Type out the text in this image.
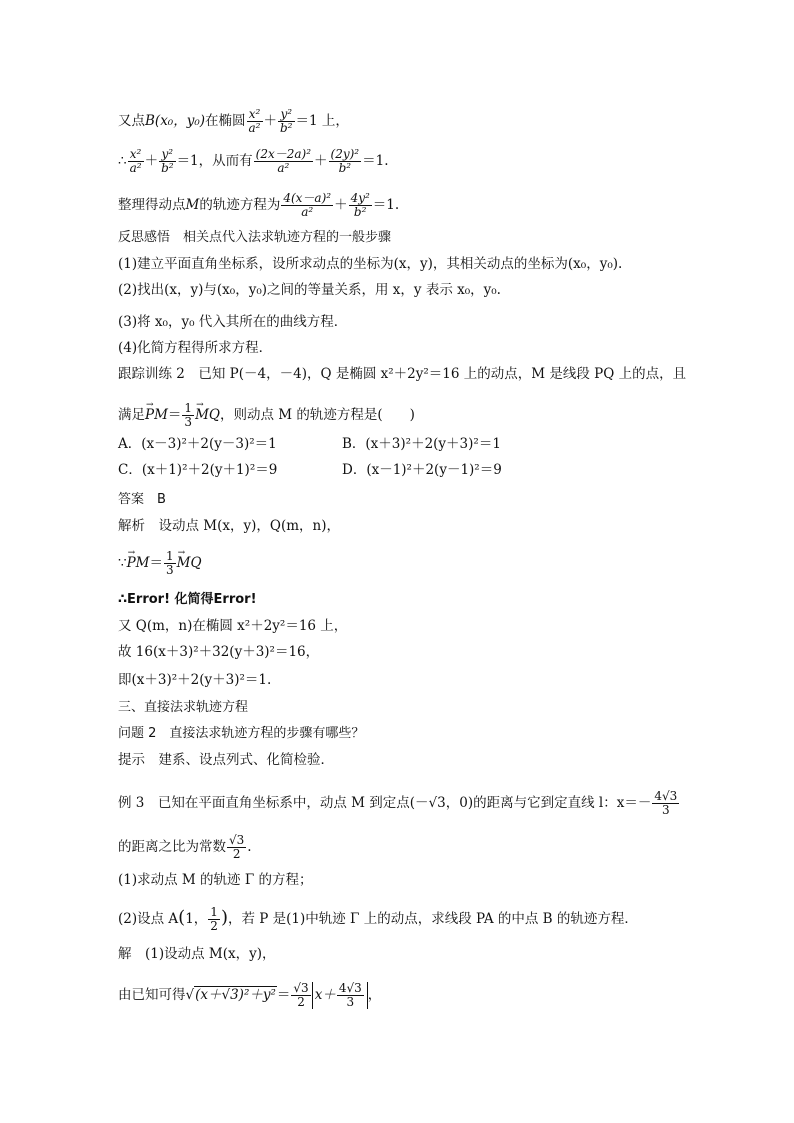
又点B(x₀，y₀)在椭圆 $\frac{\text{x²}}{\text{a²}} + \frac{\text{y²}}{\text{b²}} =1$ 上，
∴ $\frac{\text{x²}}{\text{a²}} + \frac{\text{y²}}{\text{b²}} =1$，从而有 $\frac{\text{(2x－2a)²}}{\text{a²}} + \frac{\text{(2y)²}}{\text{b²}} =1$.
整理得动点M的轨迹方程为 $\frac{\text{4(x－a)²}}{\text{a²}} + \frac{\text{4y²}}{\text{b²}} =1$.
反思感悟　相关点代入法求轨迹方程的一般步骤
(1)建立平面直角坐标系，设所求动点的坐标为(x，y)，其相关动点的坐标为(x₀，y₀).
(2)找出(x，y)与(x₀，y₀)之间的等量关系，用 x，y 表示 x₀，y₀.
(3)将 x₀，y₀ 代入其所在的曲线方程．
(4)化简方程得所求方程．
跟踪训练 2　已知 P(－4，－4)，Q 是椭圆 x²＋2y²＝16 上的动点，M 是线段 PQ 上的点，且
满足→ $PM= \frac{1}{3}$ → MQ，则动点 M 的轨迹方程是(　　)
A．(x－3)²＋2(y－3)²＝1	B．(x＋3)²＋2(y＋3)²＝1
C．(x＋1)²＋2(y＋1)²＝9	D．(x－1)²＋2(y－1)²＝9
答案　B
解析　设动点 M(x，y)，Q(m，n)，
∵→ $PM= \frac{1}{3}$ → MQ
∴Error! 化简得Error!
又 Q(m，n)在椭圆 x²＋2y²＝16 上，
故 16(x＋3)²＋32(y＋3)²＝16，
即(x＋3)²＋2(y＋3)²＝1.
三、直接法求轨迹方程
问题 2　直接法求轨迹方程的步骤有哪些？
提示　建系、设点列式、化简检验．
例 3　已知在平面直角坐标系中，动点 M 到定点(－√3，0)的距离与它到定直线 l：$x=- \frac{4√3}{3}$
的距离之比为常数 $\frac{√3}{2}$ .
(1)求动点 M 的轨迹 Γ 的方程；
(2)设点 A(1， $\frac{1}{2}$ )，若 P 是(1)中轨迹 Γ 上的动点，求线段 PA 的中点 B 的轨迹方程．
解　(1)设动点 M(x，y)，
由已知可得$√(x+√3)^2+y^2= \frac{√3}{2} x+ \frac{4√3}{3}$ ，
